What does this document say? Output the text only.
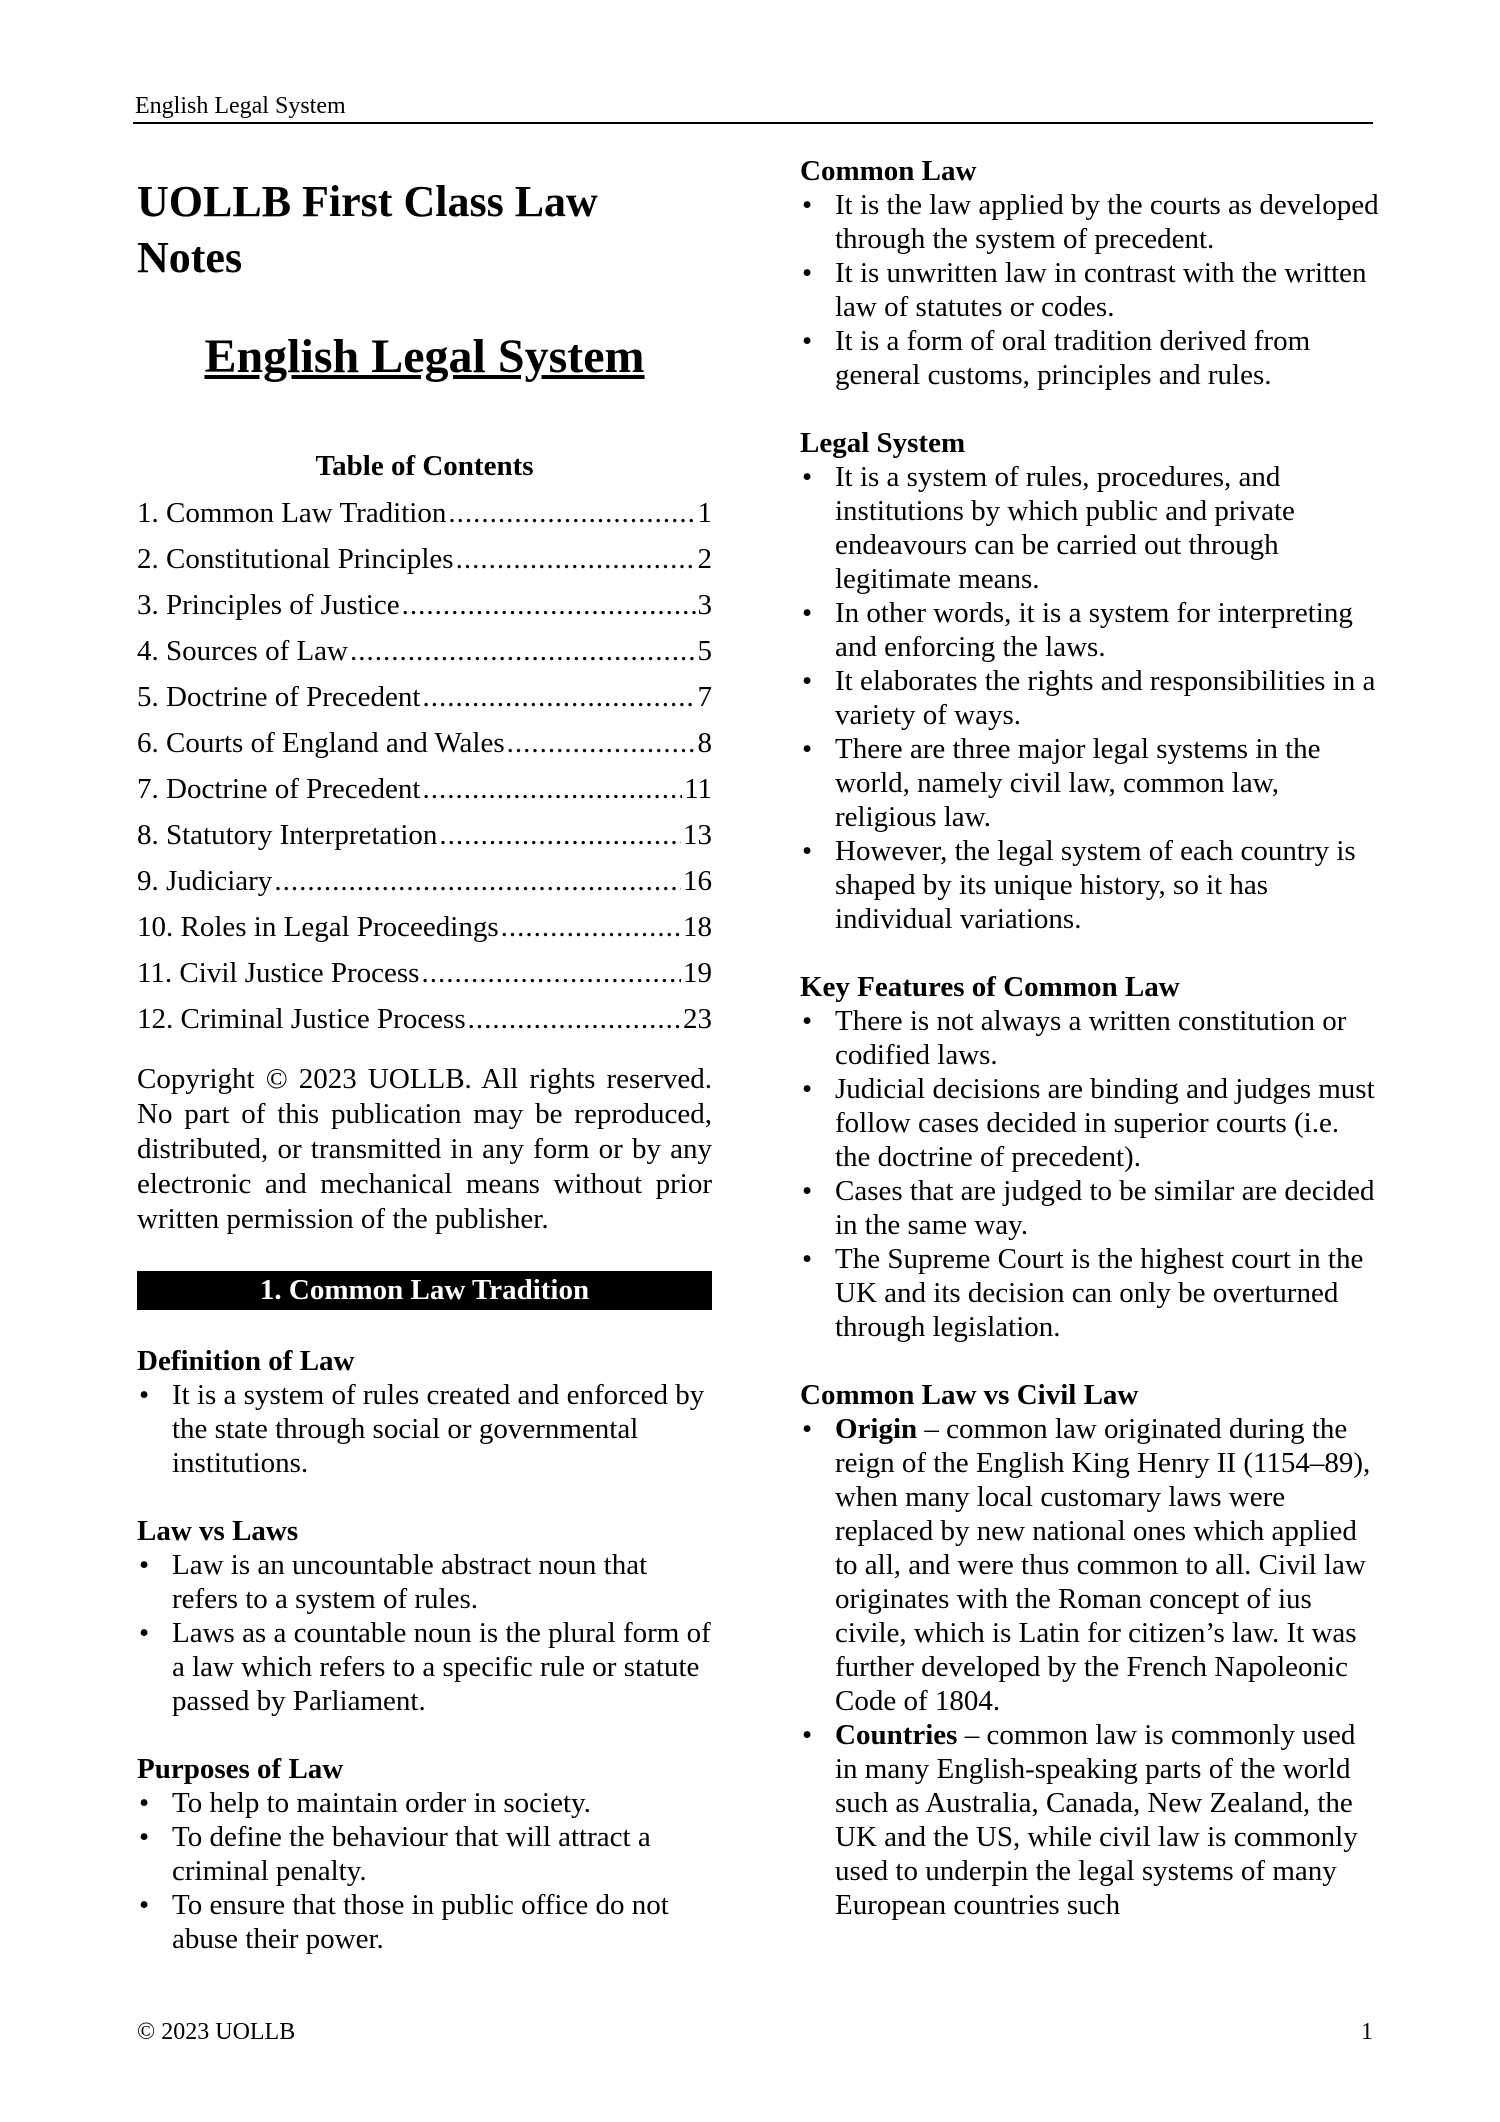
English Legal System
UOLLB First Class Law Notes
English Legal System
Table of Contents
1. Common Law Tradition .....	1
2. Constitutional Principles .....	2
3. Principles of Justice .....	3
4. Sources of Law .....	5
5. Doctrine of Precedent .....	7
6. Courts of England and Wales .....	8
7. Doctrine of Precedent .....	11
8. Statutory Interpretation .....	13
9. Judiciary .....	16
10. Roles in Legal Proceedings .....	18
11. Civil Justice Process .....	19
12. Criminal Justice Process .....	23

Copyright © 2023 UOLLB. All rights reserved. No part of this publication may be reproduced, distributed, or transmitted in any form or by any electronic and mechanical means without prior written permission of the publisher.

1. Common Law Tradition
Definition of Law
• It is a system of rules created and enforced by the state through social or governmental institutions.
Law vs Laws
• Law is an uncountable abstract noun that refers to a system of rules.
• Laws as a countable noun is the plural form of a law which refers to a specific rule or statute passed by Parliament.
Purposes of Law
• To help to maintain order in society.
• To define the behaviour that will attract a criminal penalty.
• To ensure that those in public office do not abuse their power.
Common Law
• It is the law applied by the courts as developed through the system of precedent.
• It is unwritten law in contrast with the written law of statutes or codes.
• It is a form of oral tradition derived from general customs, principles and rules.
Legal System
• It is a system of rules, procedures, and institutions by which public and private endeavours can be carried out through legitimate means.
• In other words, it is a system for interpreting and enforcing the laws.
• It elaborates the rights and responsibilities in a variety of ways.
• There are three major legal systems in the world, namely civil law, common law, religious law.
• However, the legal system of each country is shaped by its unique history, so it has individual variations.
Key Features of Common Law
• There is not always a written constitution or codified laws.
• Judicial decisions are binding and judges must follow cases decided in superior courts (i.e. the doctrine of precedent).
• Cases that are judged to be similar are decided in the same way.
• The Supreme Court is the highest court in the UK and its decision can only be overturned through legislation.
Common Law vs Civil Law
• Origin – common law originated during the reign of the English King Henry II (1154–89), when many local customary laws were replaced by new national ones which applied to all, and were thus common to all. Civil law originates with the Roman concept of ius civile, which is Latin for citizen’s law. It was further developed by the French Napoleonic Code of 1804.
• Countries – common law is commonly used in many English-speaking parts of the world such as Australia, Canada, New Zealand, the UK and the US, while civil law is commonly used to underpin the legal systems of many European countries such
© 2023 UOLLB	1
